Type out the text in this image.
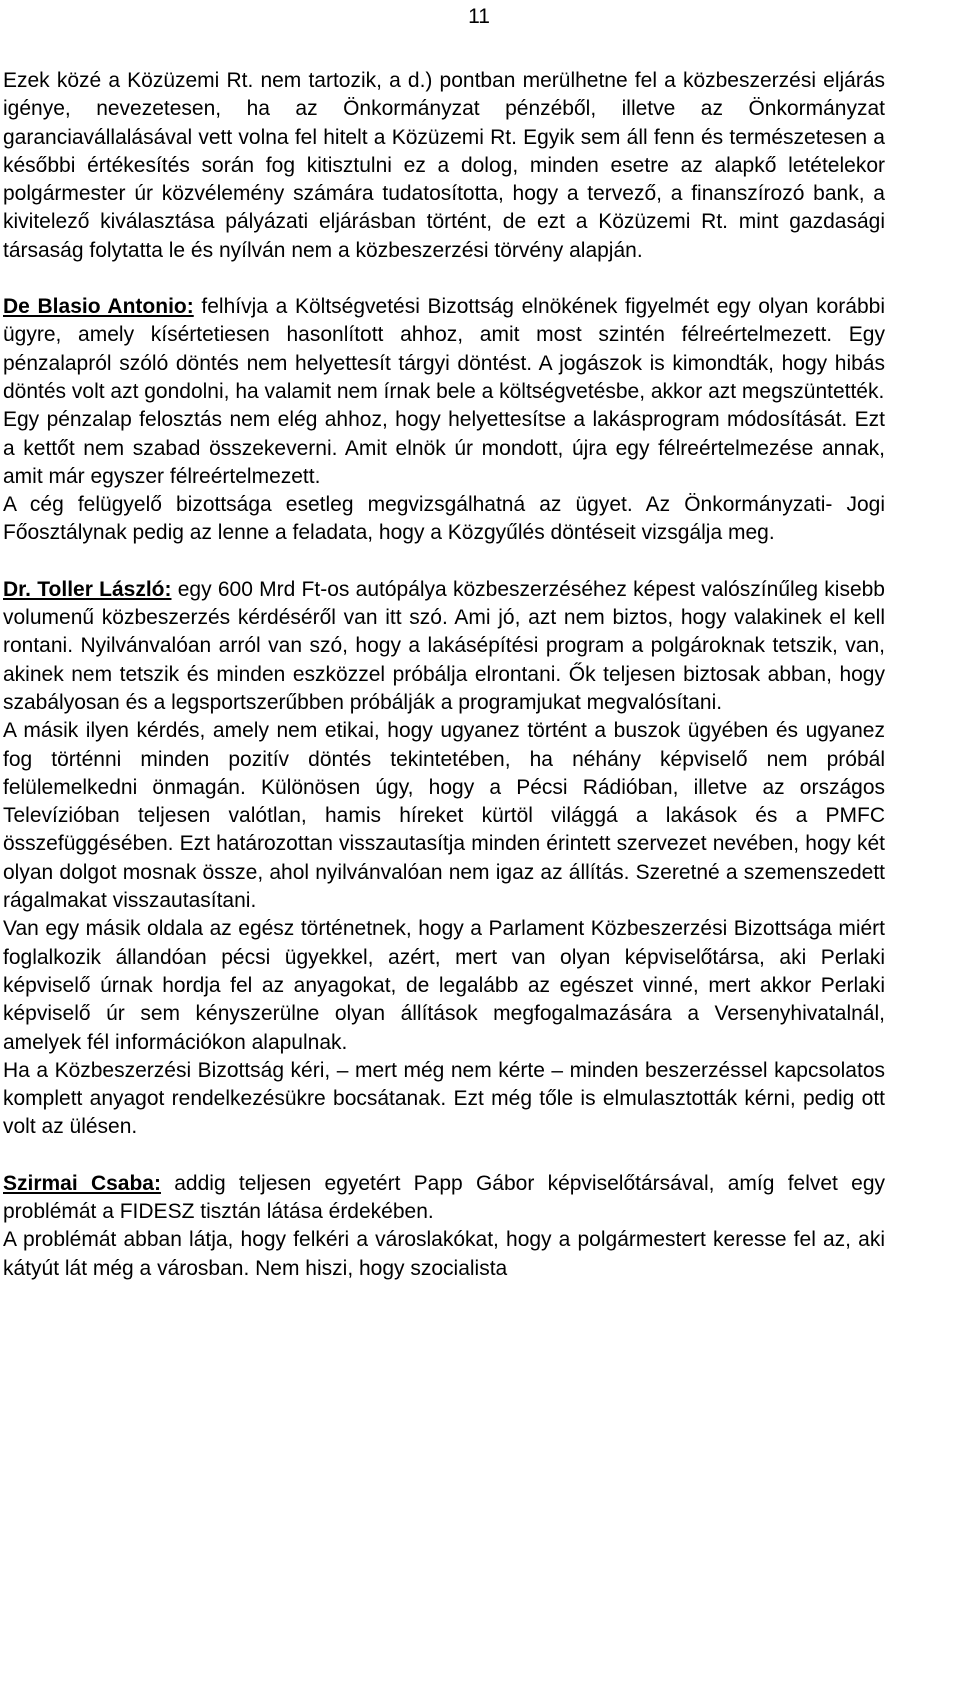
11

Ezek közé a Közüzemi Rt. nem tartozik, a d.) pontban merülhetne fel a közbeszerzési eljárás igénye, nevezetesen, ha az Önkormányzat pénzéből, illetve az Önkormányzat garanciavállalásával vett volna fel hitelt a Közüzemi Rt. Egyik sem áll fenn és természetesen a későbbi értékesítés során fog kitisztulni ez a dolog, minden esetre az alapkő letételekor polgármester úr közvélemény számára tudatosította, hogy a tervező, a finanszírozó bank, a kivitelező kiválasztása pályázati eljárásban történt, de ezt a Közüzemi Rt. mint gazdasági társaság folytatta le és nyílván nem a közbeszerzési törvény alapján.

De Blasio Antonio: felhívja a Költségvetési Bizottság elnökének figyelmét egy olyan korábbi ügyre, amely kísértetiesen hasonlított ahhoz, amit most szintén félreértelmezett. Egy pénzalapról szóló döntés nem helyettesít tárgyi döntést. A jogászok is kimondták, hogy hibás döntés volt azt gondolni, ha valamit nem írnak bele a költségvetésbe, akkor azt megszüntették.

Egy pénzalap felosztás nem elég ahhoz, hogy helyettesítse a lakásprogram módosítását. Ezt a kettőt nem szabad összekeverni. Amit elnök úr mondott, újra egy félreértelmezése annak, amit már egyszer félreértelmezett.

A cég felügyelő bizottsága esetleg megvizsgálhatná az ügyet. Az Önkormányzati- Jogi Főosztálynak pedig az lenne a feladata, hogy a Közgyűlés döntéseit vizsgálja meg.

Dr. Toller László: egy 600 Mrd Ft-os autópálya közbeszerzéséhez képest valószínűleg kisebb volumenű közbeszerzés kérdéséről van itt szó. Ami jó, azt nem biztos, hogy valakinek el kell rontani. Nyilvánvalóan arról van szó, hogy a lakásépítési program a polgároknak tetszik, van, akinek nem tetszik és minden eszközzel próbálja elrontani. Ők teljesen biztosak abban, hogy szabályosan és a legsportszerűbben próbálják a programjukat megvalósítani.

A másik ilyen kérdés, amely nem etikai, hogy ugyanez történt a buszok ügyében és ugyanez fog történni minden pozitív döntés tekintetében, ha néhány képviselő nem próbál felülemelkedni önmagán. Különösen úgy, hogy a Pécsi Rádióban, illetve az országos Televízióban teljesen valótlan, hamis híreket kürtöl világgá a lakások és a PMFC összefüggésében. Ezt határozottan visszautasítja minden érintett szervezet nevében, hogy két olyan dolgot mosnak össze, ahol nyilvánvalóan nem igaz az állítás. Szeretné a szemenszedett rágalmakat visszautasítani.

Van egy másik oldala az egész történetnek, hogy a Parlament Közbeszerzési Bizottsága miért foglalkozik állandóan pécsi ügyekkel, azért, mert van olyan képviselőtársa, aki Perlaki képviselő úrnak hordja fel az anyagokat, de legalább az egészet vinné, mert akkor Perlaki képviselő úr sem kényszerülne olyan állítások megfogalmazására a Versenyhivatalnál, amelyek fél információkon alapulnak.

Ha a Közbeszerzési Bizottság kéri, – mert még nem kérte – minden beszerzéssel kapcsolatos komplett anyagot rendelkezésükre bocsátanak. Ezt még tőle is elmulasztották kérni, pedig ott volt az ülésen.

Szirmai Csaba: addig teljesen egyetért Papp Gábor képviselőtársával, amíg felvet egy problémát a FIDESZ tisztán látása érdekében.

A problémát abban látja, hogy felkéri a városlakókat, hogy a polgármestert keresse fel az, aki kátyút lát még a városban. Nem hiszi, hogy szocialista
